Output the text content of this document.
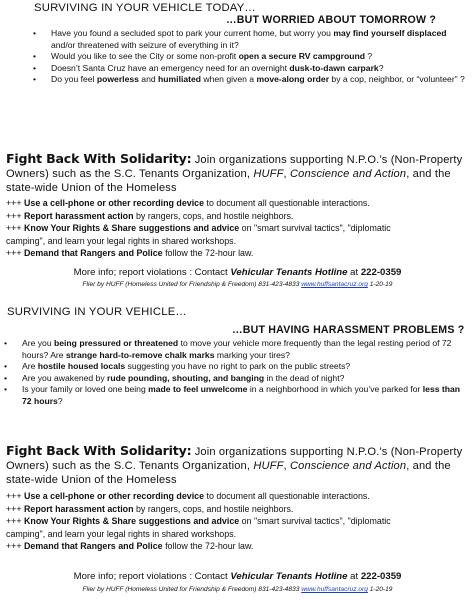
SURVIVING IN YOUR VEHICLE TODAY…
…BUT WORRIED ABOUT TOMORROW ?
• Have you found a secluded spot to park your current home, but worry you may find yourself displaced and/or threatened with seizure of everything in it?
• Would you like to see the City or some non-profit open a secure RV campground ?
• Doesn’t Santa Cruz have an emergency need for an overnight dusk-to-dawn carpark?
• Do you feel powerless and humiliated when given a move-along order by a cop, neighbor, or “volunteer” ?
Fight Back With Solidarity: Join organizations supporting N.P.O.’s (Non-Property Owners) such as the S.C. Tenants Organization, HUFF, Conscience and Action, and the state-wide Union of the Homeless
+++ Use a cell-phone or other recording device to document all questionable interactions.
+++ Report harassment action by rangers, cops, and hostile neighbors.
+++ Know Your Rights & Share suggestions and advice on "smart survival tactics", "diplomatic
camping", and learn your legal rights in shared workshops.
+++ Demand that Rangers and Police follow the 72-hour law.
More info; report violations : Contact Vehicular Tenants Hotline at 222-0359
Flier by HUFF (Homeless United for Friendship & Freedom) 831-423-4833 www.huffsantacruz.org 1-20-19
SURVIVING IN YOUR VEHICLE…
…BUT HAVING HARASSMENT PROBLEMS ?
• Are you being pressured or threatened to move your vehicle more frequently than the legal resting period of 72 hours? Are strange hard-to-remove chalk marks marking your tires?
• Are hostile housed locals suggesting you have no right to park on the public streets?
• Are you awakened by rude pounding, shouting, and banging in the dead of night?
• Is your family or loved one being made to feel unwelcome in a neighborhood in which you’ve parked for less than 72 hours?
Fight Back With Solidarity: Join organizations supporting N.P.O.’s (Non-Property Owners) such as the S.C. Tenants Organization, HUFF, Conscience and Action, and the state-wide Union of the Homeless
+++ Use a cell-phone or other recording device to document all questionable interactions.
+++ Report harassment action by rangers, cops, and hostile neighbors.
+++ Know Your Rights & Share suggestions and advice on "smart survival tactics", "diplomatic
camping", and learn your legal rights in shared workshops.
+++ Demand that Rangers and Police follow the 72-hour law.
More info; report violations : Contact Vehicular Tenants Hotline at 222-0359
Flier by HUFF (Homeless United for Friendship & Freedom) 831-423-4833 www.huffsantacruz.org 1-20-19
